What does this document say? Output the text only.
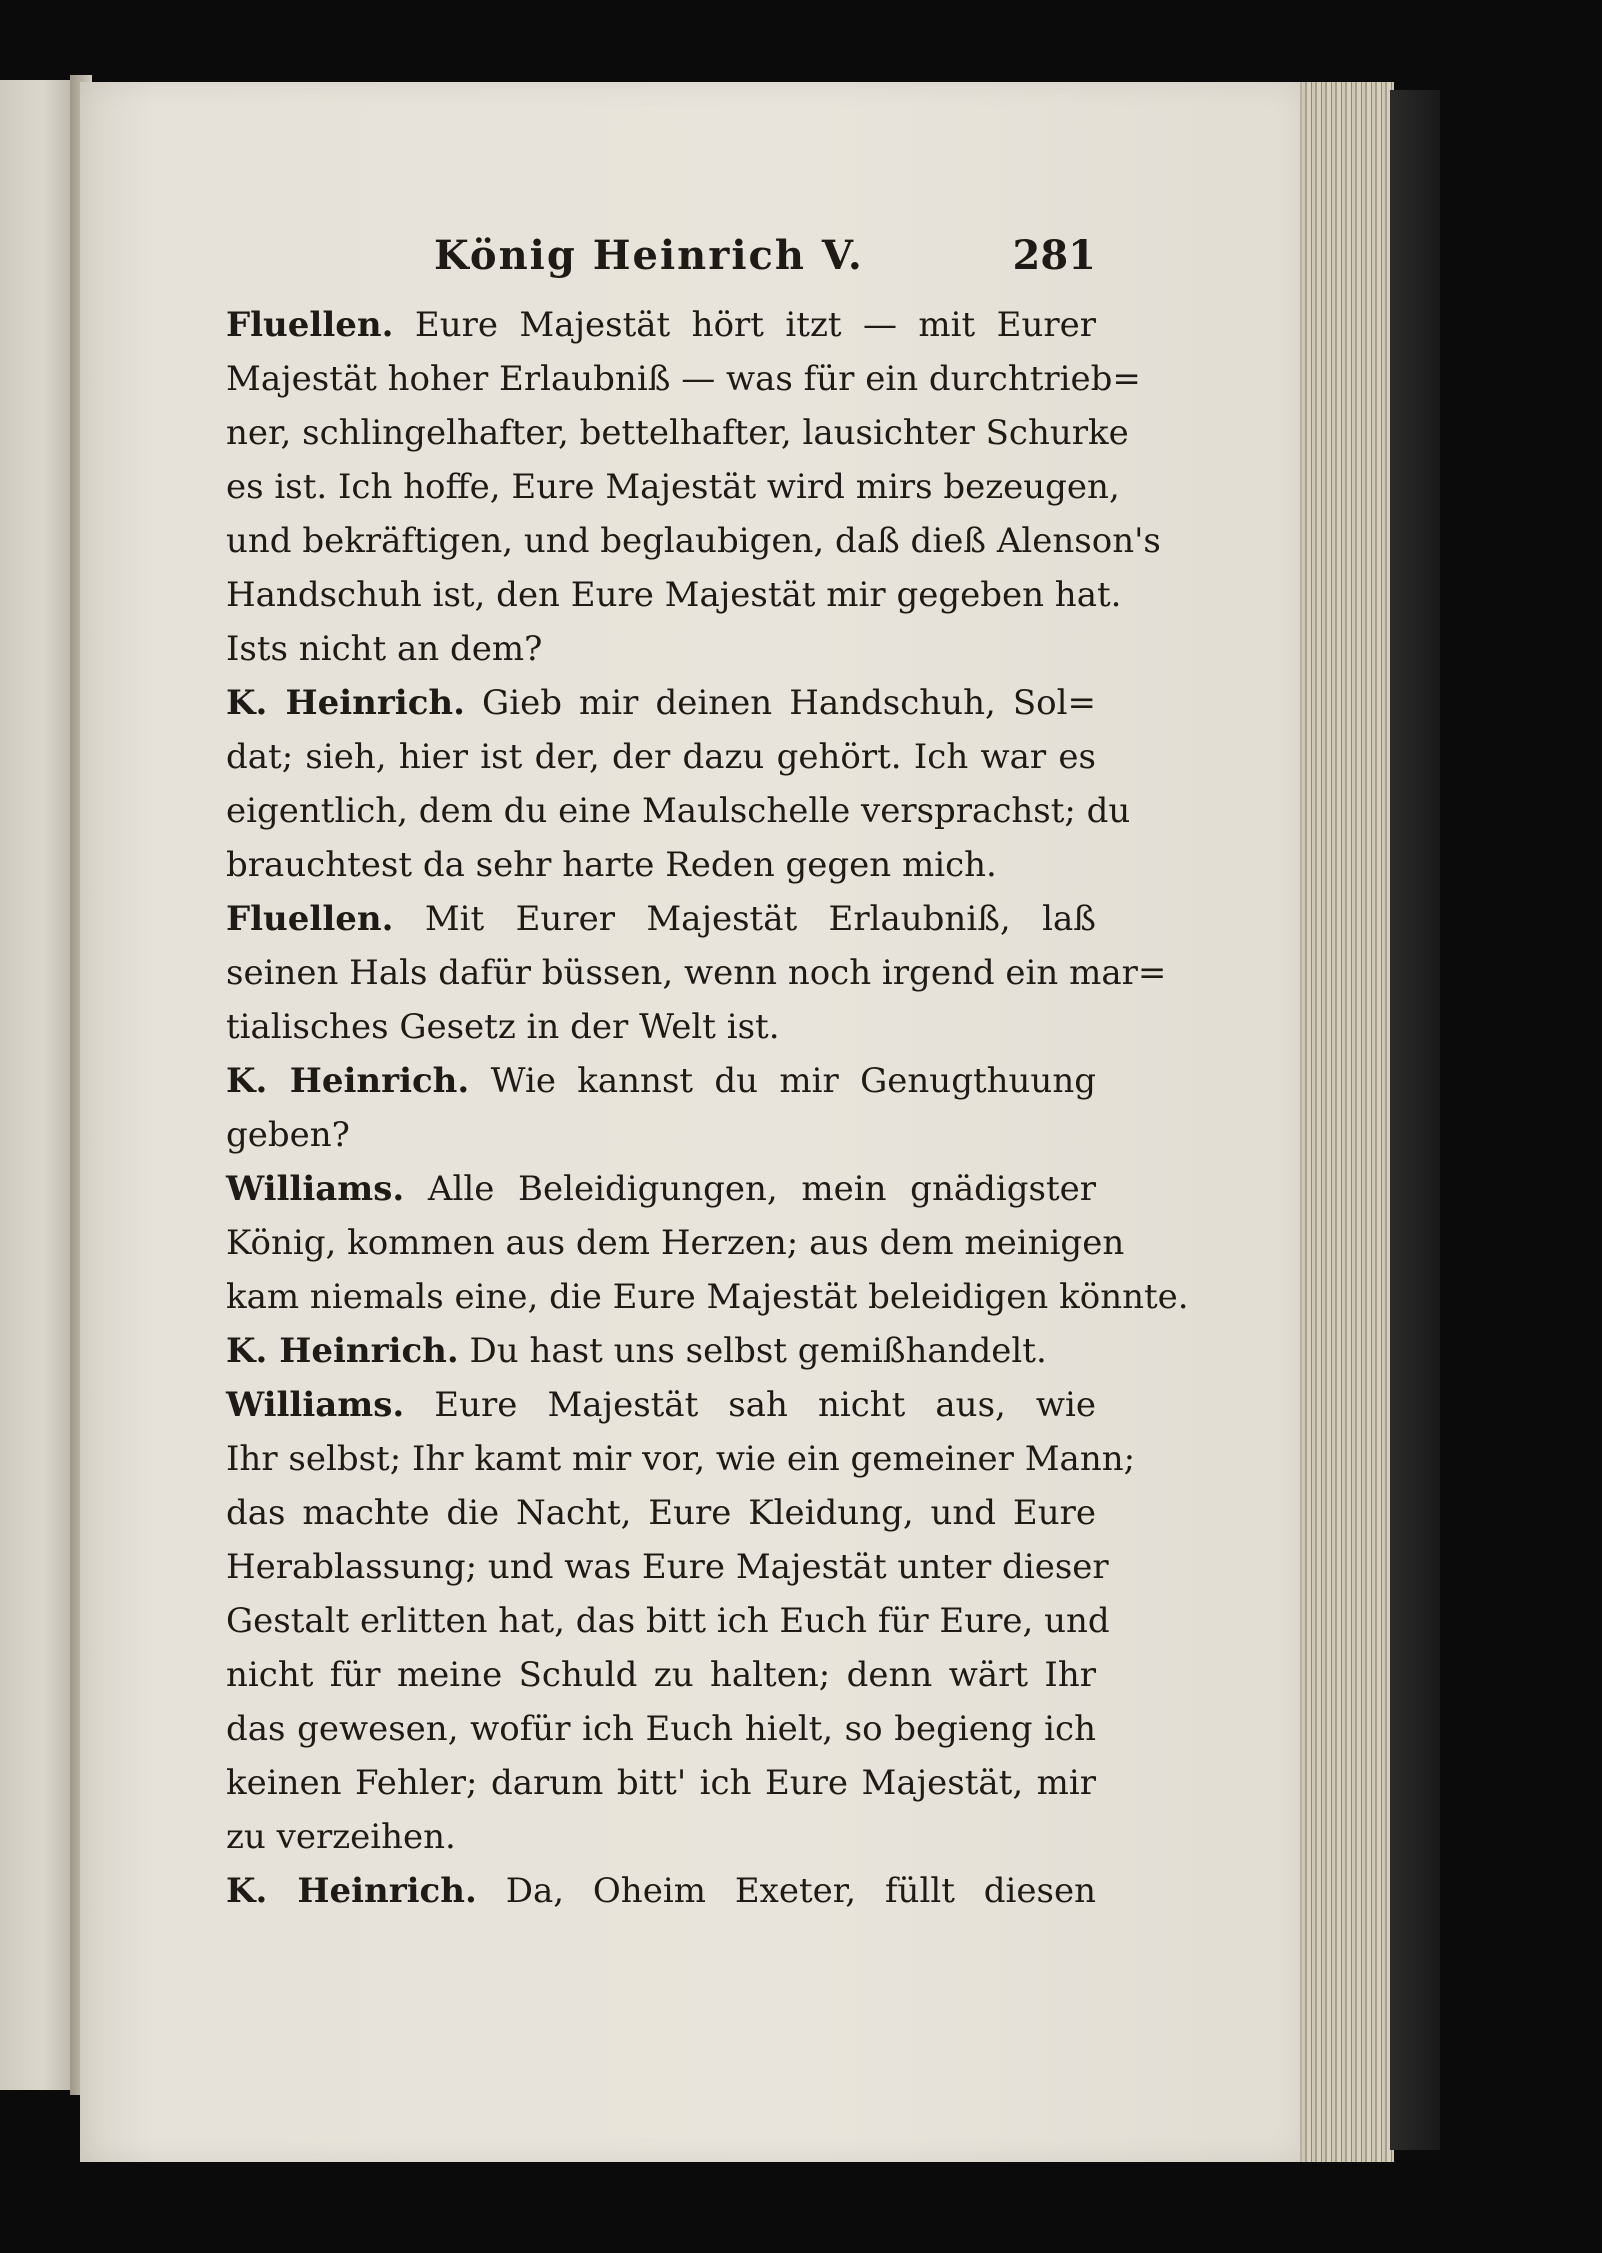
König Heinrich V.	281
Fluellen. Eure Majestät hört itzt — mit Eurer
Majestät hoher Erlaubniß — was für ein durchtrieb=
ner, schlingelhafter, bettelhafter, lausichter Schurke
es ist. Ich hoffe, Eure Majestät wird mirs bezeugen,
und bekräftigen, und beglaubigen, daß dieß Alenson's
Handschuh ist, den Eure Majestät mir gegeben hat.
Ists nicht an dem?
K. Heinrich. Gieb mir deinen Handschuh, Sol=
dat; sieh, hier ist der, der dazu gehört. Ich war es
eigentlich, dem du eine Maulschelle versprachst; du
brauchtest da sehr harte Reden gegen mich.
Fluellen. Mit Eurer Majestät Erlaubniß, laß
seinen Hals dafür büssen, wenn noch irgend ein mar=
tialisches Gesetz in der Welt ist.
K. Heinrich. Wie kannst du mir Genugthuung
geben?
Williams. Alle Beleidigungen, mein gnädigster
König, kommen aus dem Herzen; aus dem meinigen
kam niemals eine, die Eure Majestät beleidigen könnte.
K. Heinrich. Du hast uns selbst gemißhandelt.
Williams. Eure Majestät sah nicht aus, wie
Ihr selbst; Ihr kamt mir vor, wie ein gemeiner Mann;
das machte die Nacht, Eure Kleidung, und Eure
Herablassung; und was Eure Majestät unter dieser
Gestalt erlitten hat, das bitt ich Euch für Eure, und
nicht für meine Schuld zu halten; denn wärt Ihr
das gewesen, wofür ich Euch hielt, so begieng ich
keinen Fehler; darum bitt' ich Eure Majestät, mir
zu verzeihen.
K. Heinrich. Da, Oheim Exeter, füllt diesen
